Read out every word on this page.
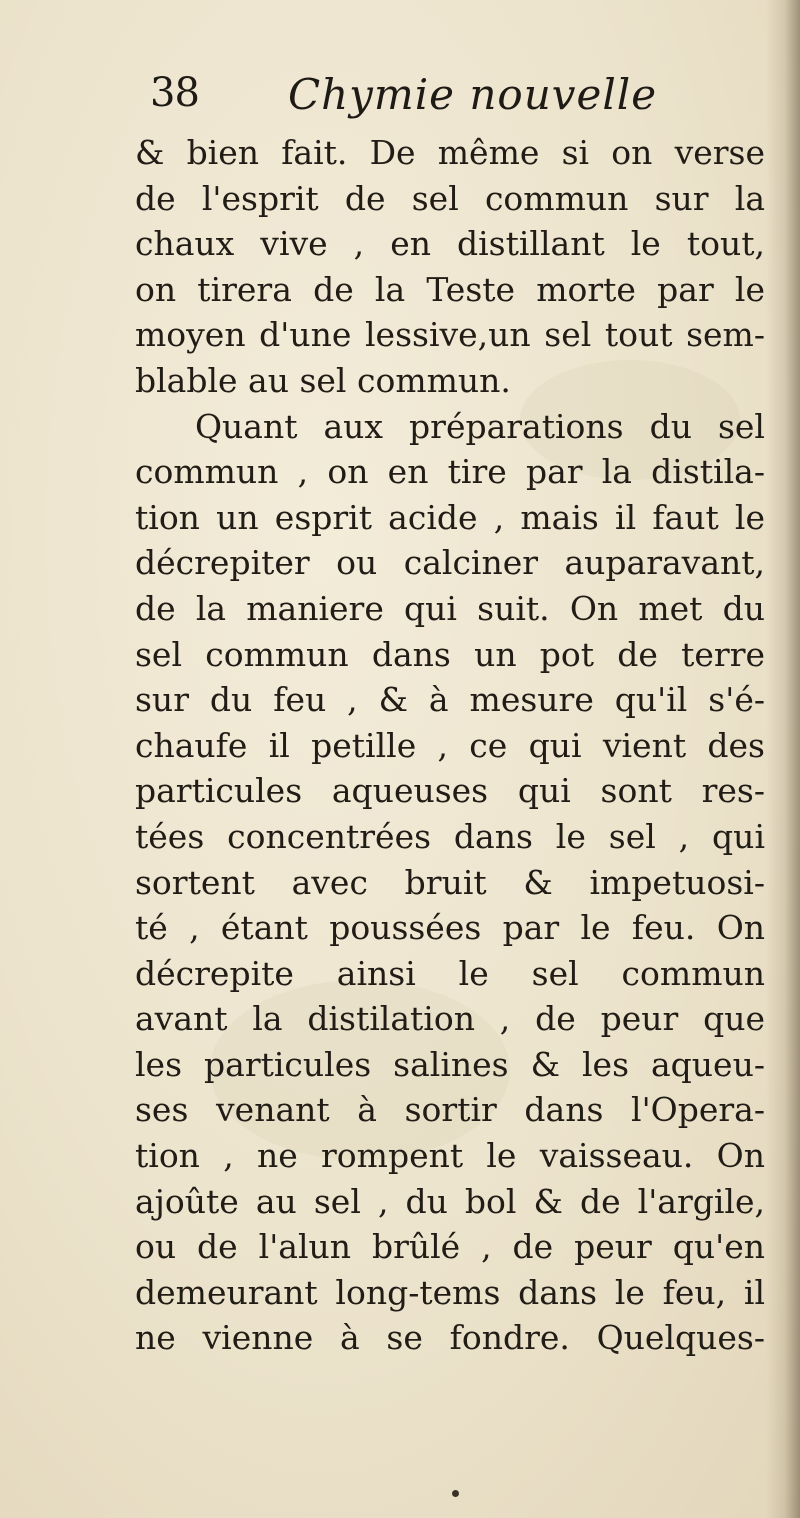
38 Chymie nouvelle
& bien fait. De même si on verse
de l'esprit de sel commun sur la
chaux vive , en distillant le tout,
on tirera de la Teste morte par le
moyen d'une lessive,un sel tout sem-
blable au sel commun.
Quant aux préparations du sel
commun , on en tire par la distila-
tion un esprit acide , mais il faut le
décrepiter ou calciner auparavant,
de la maniere qui suit. On met du
sel commun dans un pot de terre
sur du feu , & à mesure qu'il s'é-
chaufe il petille , ce qui vient des
particules aqueuses qui sont res-
tées concentrées dans le sel , qui
sortent avec bruit & impetuosi-
té , étant poussées par le feu. On
décrepite ainsi le sel commun
avant la distilation , de peur que
les particules salines & les aqueu-
ses venant à sortir dans l'Opera-
tion , ne rompent le vaisseau. On
ajoûte au sel , du bol & de l'argile,
ou de l'alun brûlé , de peur qu'en
demeurant long-tems dans le feu, il
ne vienne à se fondre. Quelques-
